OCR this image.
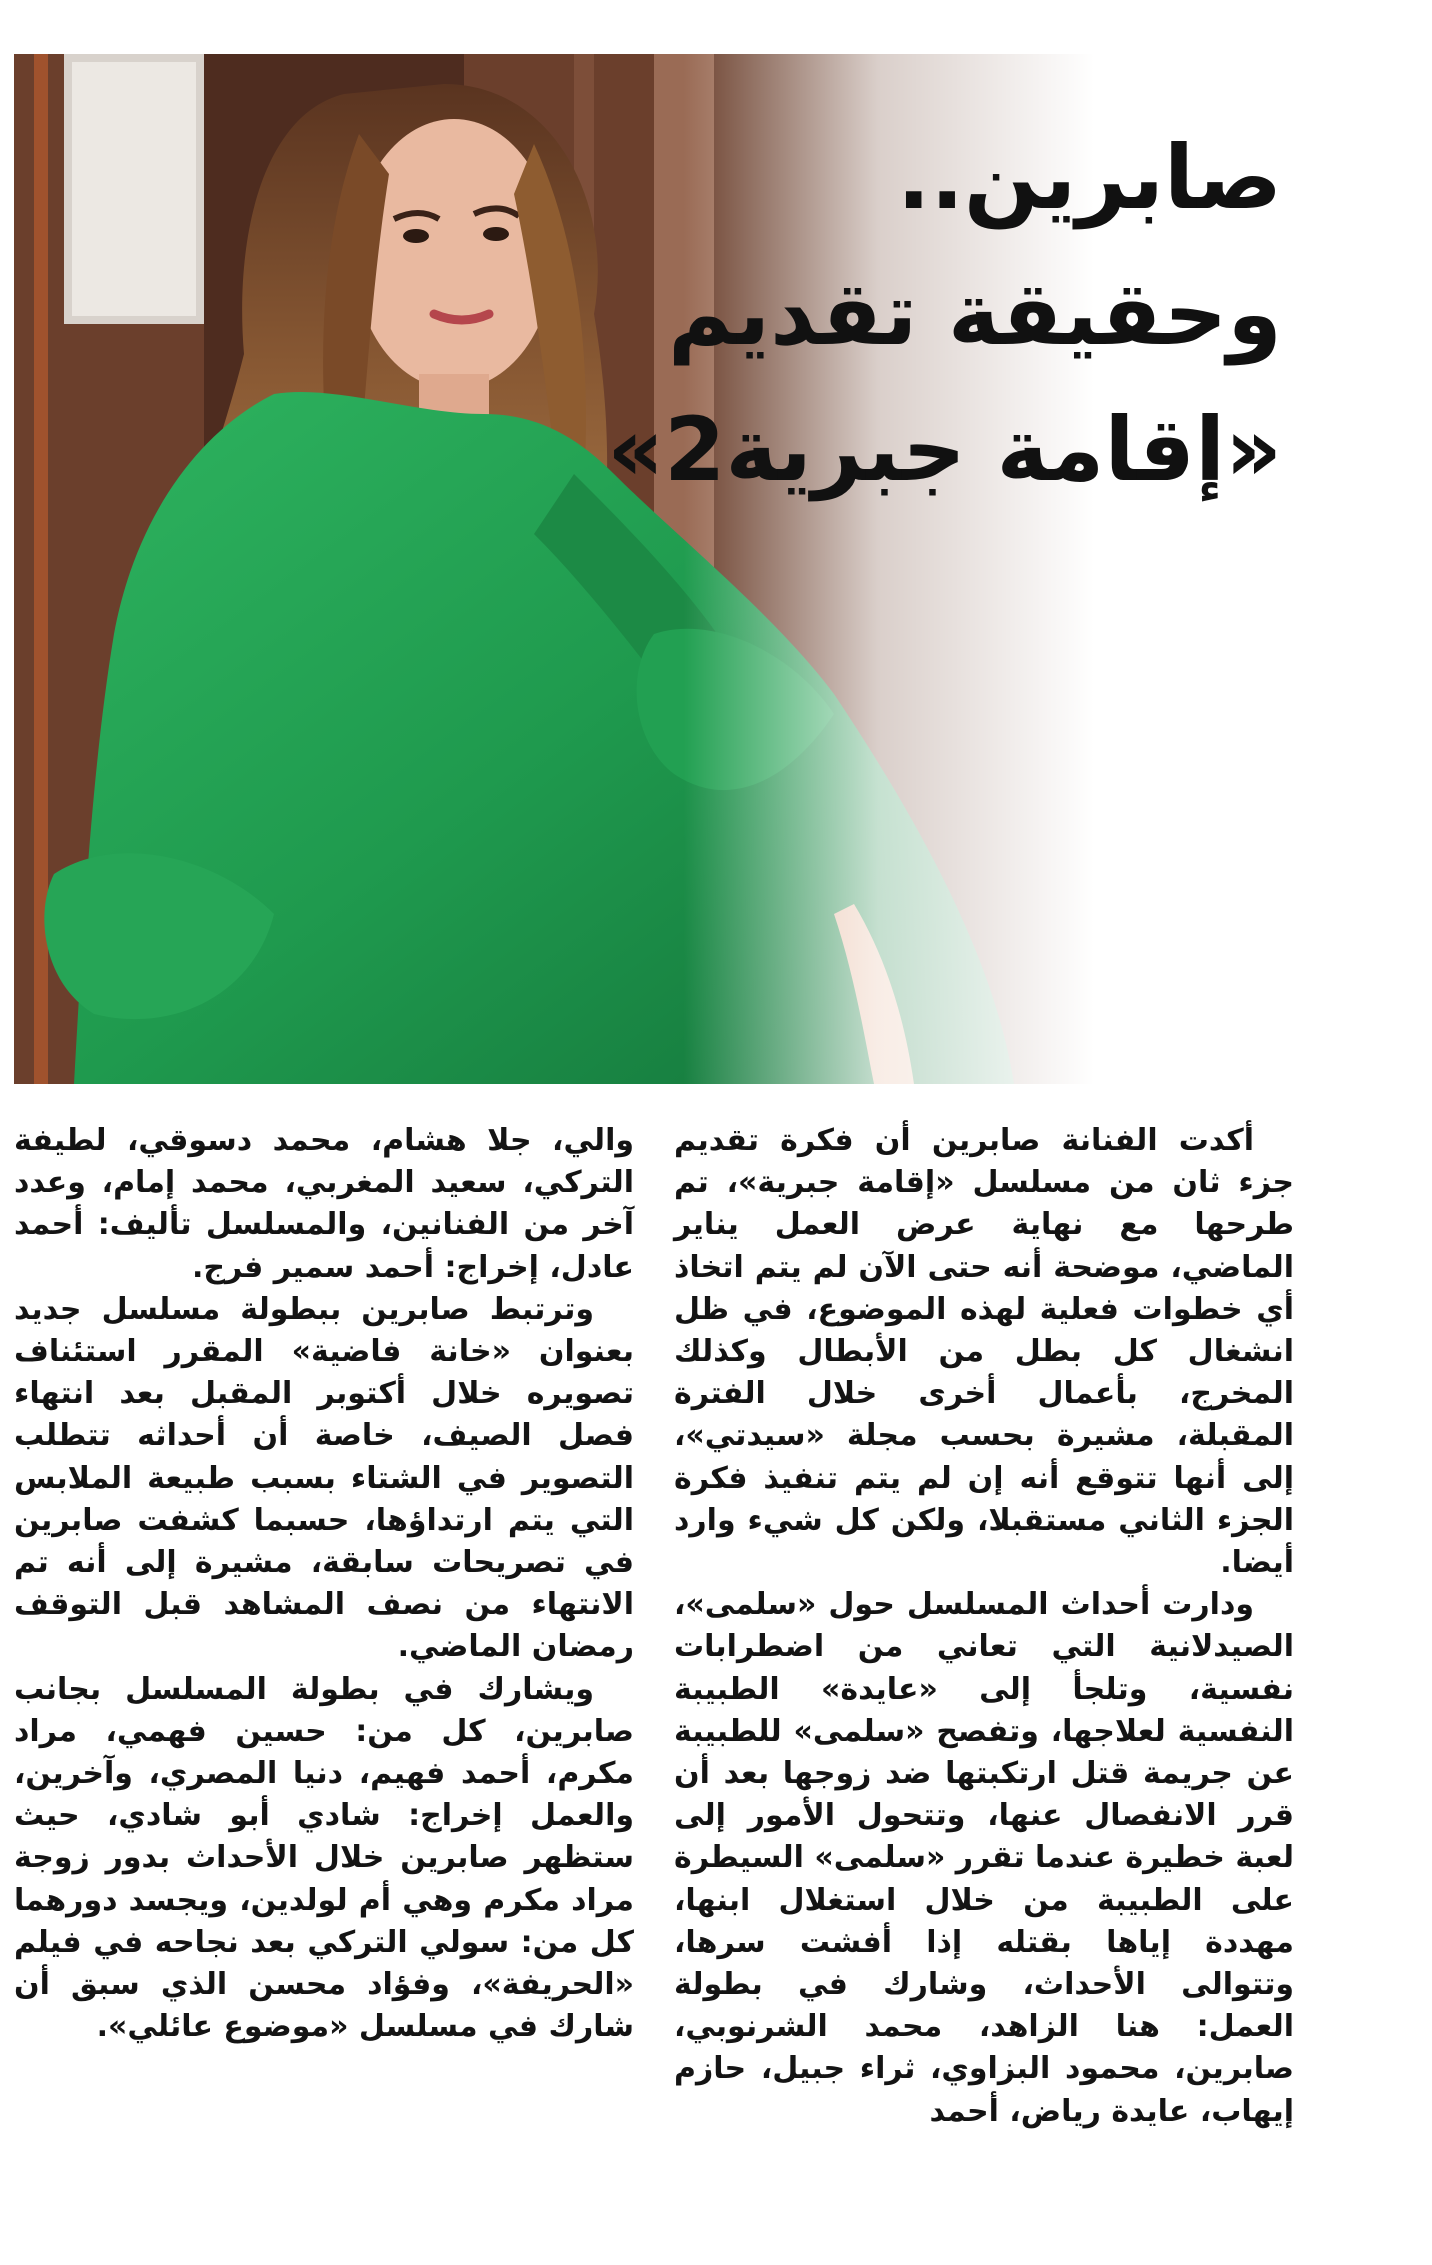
صابرين..
وحقيقة تقديم
«إقامة جبرية2»

أكدت الفنانة صابرين أن فكرة تقديم جزء ثان من مسلسل «إقامة جبرية»، تم طرحها مع نهاية عرض العمل يناير الماضي، موضحة أنه حتى الآن لم يتم اتخاذ أي خطوات فعلية لهذه الموضوع، في ظل انشغال كل بطل من الأبطال وكذلك المخرج، بأعمال أخرى خلال الفترة المقبلة، مشيرة بحسب مجلة «سيدتي»، إلى أنها تتوقع أنه إن لم يتم تنفيذ فكرة الجزء الثاني مستقبلا، ولكن كل شيء وارد أيضا.

ودارت أحداث المسلسل حول «سلمى»، الصيدلانية التي تعاني من اضطرابات نفسية، وتلجأ إلى «عايدة» الطبيبة النفسية لعلاجها، وتفصح «سلمى» للطبيبة عن جريمة قتل ارتكبتها ضد زوجها بعد أن قرر الانفصال عنها، وتتحول الأمور إلى لعبة خطيرة عندما تقرر «سلمى» السيطرة على الطبيبة من خلال استغلال ابنها، مهددة إياها بقتله إذا أفشت سرها، وتتوالى الأحداث، وشارك في بطولة العمل: هنا الزاهد، محمد الشرنوبي، صابرين، محمود البزاوي، ثراء جبيل، حازم إيهاب، عايدة رياض، أحمد

والي، جلا هشام، محمد دسوقي، لطيفة التركي، سعيد المغربي، محمد إمام، وعدد آخر من الفنانين، والمسلسل تأليف: أحمد عادل، إخراج: أحمد سمير فرج.

وترتبط صابرين ببطولة مسلسل جديد بعنوان «خانة فاضية» المقرر استئناف تصويره خلال أكتوبر المقبل بعد انتهاء فصل الصيف، خاصة أن أحداثه تتطلب التصوير في الشتاء بسبب طبيعة الملابس التي يتم ارتداؤها، حسبما كشفت صابرين في تصريحات سابقة، مشيرة إلى أنه تم الانتهاء من نصف المشاهد قبل التوقف رمضان الماضي.

ويشارك في بطولة المسلسل بجانب صابرين، كل من: حسين فهمي، مراد مكرم، أحمد فهيم، دنيا المصري، وآخرين، والعمل إخراج: شادي أبو شادي، حيث ستظهر صابرين خلال الأحداث بدور زوجة مراد مكرم وهي أم لولدين، ويجسد دورهما كل من: سولي التركي بعد نجاحه في فيلم «الحريفة»، وفؤاد محسن الذي سبق أن شارك في مسلسل «موضوع عائلي».
